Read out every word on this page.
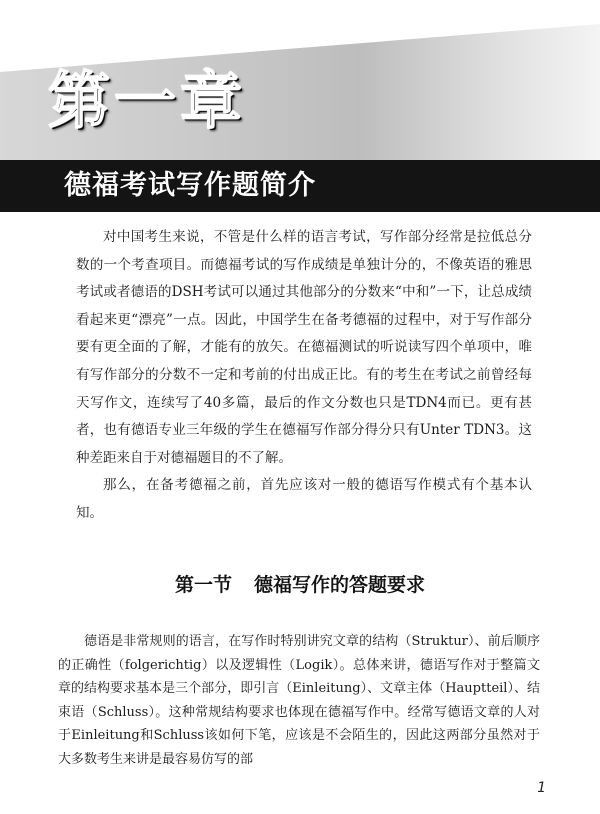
第一章
德福考试写作题简介

对中国考生来说，不管是什么样的语言考试，写作部分经常是拉低总分数的一个考查项目。而德福考试的写作成绩是单独计分的，不像英语的雅思考试或者德语的DSH考试可以通过其他部分的分数来“中和”一下，让总成绩看起来更“漂亮”一点。因此，中国学生在备考德福的过程中，对于写作部分要有更全面的了解，才能有的放矢。在德福测试的听说读写四个单项中，唯有写作部分的分数不一定和考前的付出成正比。有的考生在考试之前曾经每天写作文，连续写了40多篇，最后的作文分数也只是TDN4而已。更有甚者，也有德语专业三年级的学生在德福写作部分得分只有Unter TDN3。这种差距来自于对德福题目的不了解。

那么，在备考德福之前，首先应该对一般的德语写作模式有个基本认知。

第一节 德福写作的答题要求

德语是非常规则的语言，在写作时特别讲究文章的结构（Struktur）、前后顺序的正确性（folgerichtig）以及逻辑性（Logik）。总体来讲，德语写作对于整篇文章的结构要求基本是三个部分，即引言（Einleitung）、文章主体（Hauptteil）、结束语（Schluss）。这种常规结构要求也体现在德福写作中。经常写德语文章的人对于Einleitung和Schluss该如何下笔，应该是不会陌生的，因此这两部分虽然对于大多数考生来讲是最容易仿写的部

1
